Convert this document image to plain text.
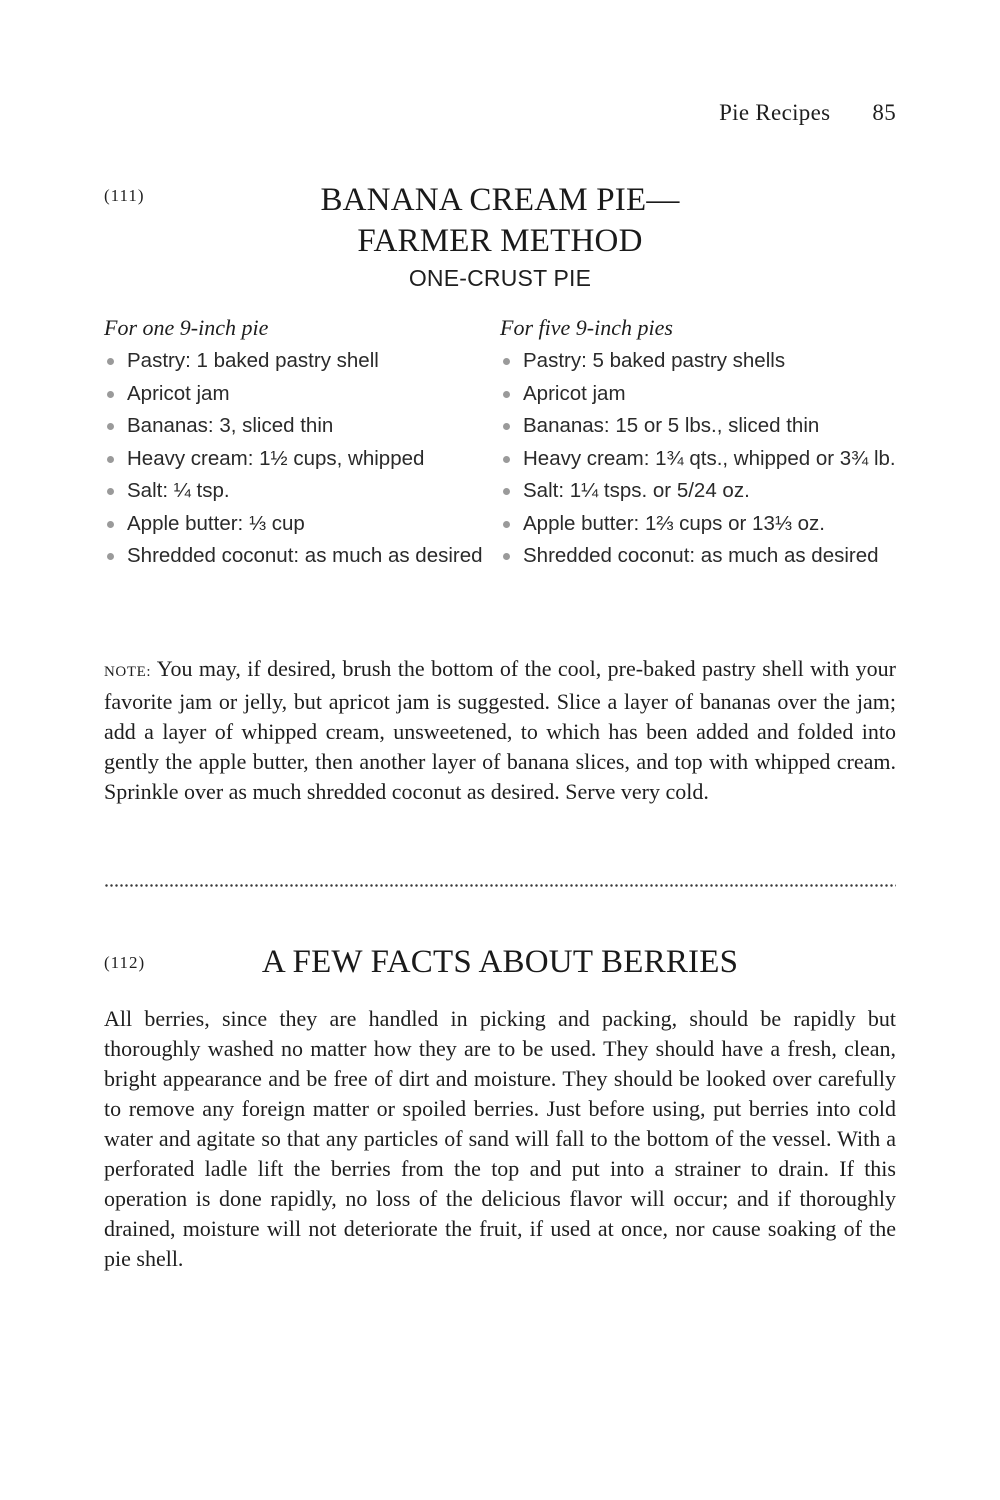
Pie Recipes 85
(111)	BANANA CREAM PIE—
FARMER METHOD
ONE-CRUST PIE
For one 9-inch pie
Pastry: 1 baked pastry shell
Apricot jam
Bananas: 3, sliced thin
Heavy cream: 1½ cups, whipped
Salt: ¼ tsp.
Apple butter: ⅓ cup
Shredded coconut: as much as desired
For five 9-inch pies
Pastry: 5 baked pastry shells
Apricot jam
Bananas: 15 or 5 lbs., sliced thin
Heavy cream: 1¾ qts., whipped or 3¾ lb.
Salt: 1¼ tsps. or 5/24 oz.
Apple butter: 1⅔ cups or 13⅓ oz.
Shredded coconut: as much as desired

NOTE: You may, if desired, brush the bottom of the cool, pre-baked pastry shell with your favorite jam or jelly, but apricot jam is suggested. Slice a layer of bananas over the jam; add a layer of whipped cream, unsweetened, to which has been added and folded into gently the apple butter, then another layer of banana slices, and top with whipped cream. Sprinkle over as much shredded coconut as desired. Serve very cold.

(112)	A FEW FACTS ABOUT BERRIES

All berries, since they are handled in picking and packing, should be rapidly but thoroughly washed no matter how they are to be used. They should have a fresh, clean, bright appearance and be free of dirt and moisture. They should be looked over carefully to remove any foreign matter or spoiled berries. Just before using, put berries into cold water and agitate so that any particles of sand will fall to the bottom of the vessel. With a perforated ladle lift the berries from the top and put into a strainer to drain. If this operation is done rapidly, no loss of the delicious flavor will occur; and if thoroughly drained, moisture will not deteriorate the fruit, if used at once, nor cause soaking of the pie shell.
